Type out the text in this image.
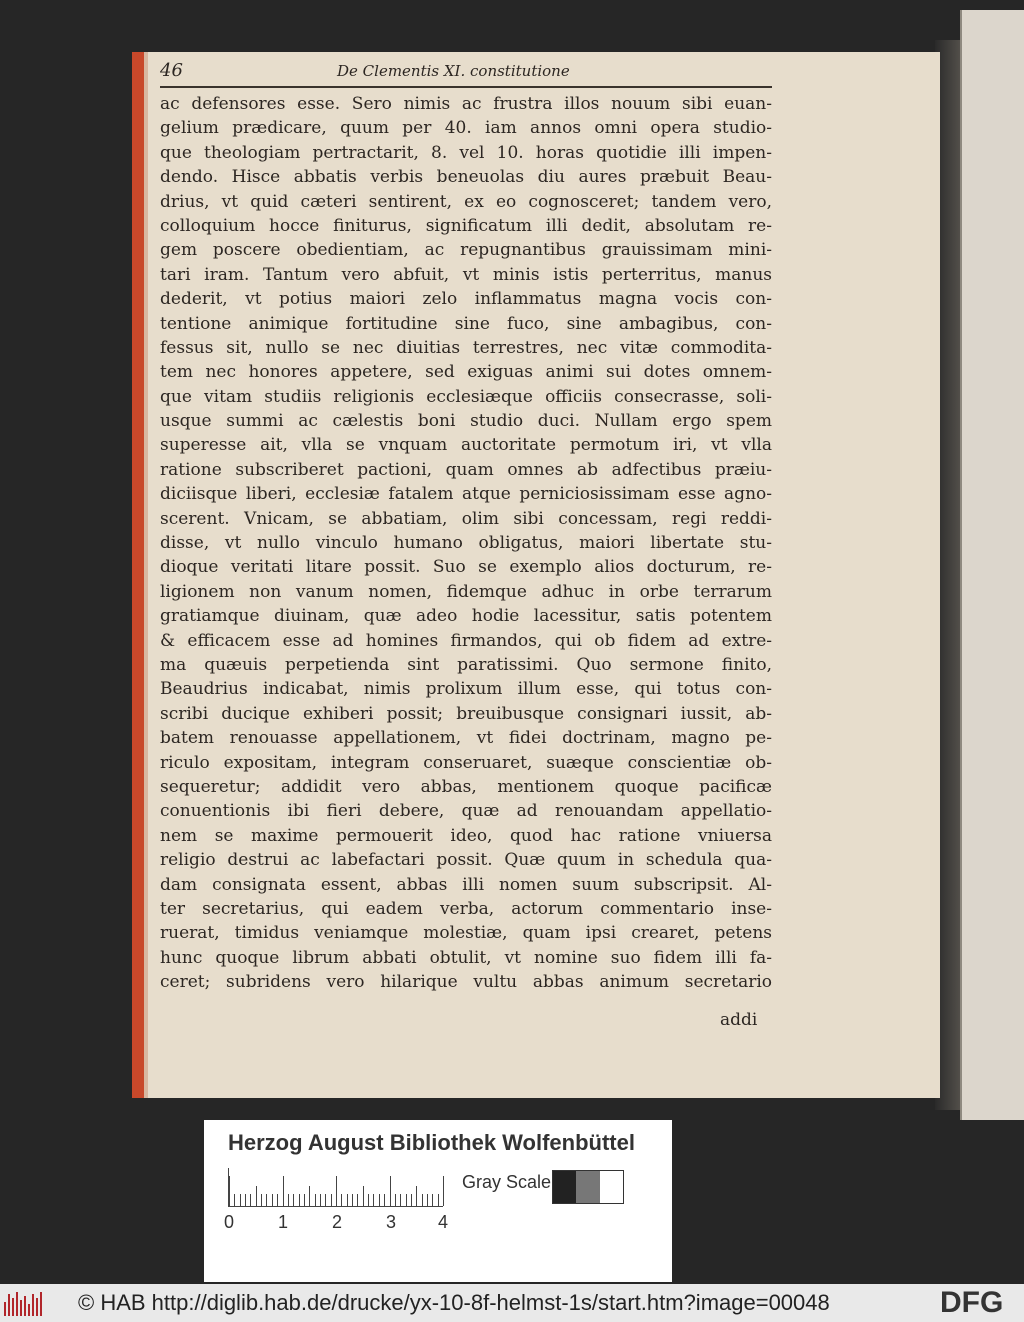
46	De Clementis XI. constitutione
ac defensores esse. Sero nimis ac frustra illos nouum sibi euan-
gelium prædicare, quum per 40. iam annos omni opera studio-
que theologiam pertractarit, 8. vel 10. horas quotidie illi impen-
dendo. Hisce abbatis verbis beneuolas diu aures præbuit Beau-
drius, vt quid cæteri sentirent, ex eo cognosceret; tandem vero,
colloquium hocce finiturus, significatum illi dedit, absolutam re-
gem poscere obedientiam, ac repugnantibus grauissimam mini-
tari iram. Tantum vero abfuit, vt minis istis perterritus, manus
dederit, vt potius maiori zelo inflammatus magna vocis con-
tentione animique fortitudine sine fuco, sine ambagibus, con-
fessus sit, nullo se nec diuitias terrestres, nec vitæ commodita-
tem nec honores appetere, sed exiguas animi sui dotes omnem-
que vitam studiis religionis ecclesiæque officiis consecrasse, soli-
usque summi ac cælestis boni studio duci. Nullam ergo spem
superesse ait, vlla se vnquam auctoritate permotum iri, vt vlla
ratione subscriberet pactioni, quam omnes ab adfectibus præiu-
diciisque liberi, ecclesiæ fatalem atque perniciosissimam esse agno-
scerent. Vnicam, se abbatiam, olim sibi concessam, regi reddi-
disse, vt nullo vinculo humano obligatus, maiori libertate stu-
dioque veritati litare possit. Suo se exemplo alios docturum, re-
ligionem non vanum nomen, fidemque adhuc in orbe terrarum
gratiamque diuinam, quæ adeo hodie lacessitur, satis potentem
& efficacem esse ad homines firmandos, qui ob fidem ad extre-
ma quæuis perpetienda sint paratissimi. Quo sermone finito,
Beaudrius indicabat, nimis prolixum illum esse, qui totus con-
scribi ducique exhiberi possit; breuibusque consignari iussit, ab-
batem renouasse appellationem, vt fidei doctrinam, magno pe-
riculo expositam, integram conseruaret, suæque conscientiæ ob-
sequeretur; addidit vero abbas, mentionem quoque pacificæ
conuentionis ibi fieri debere, quæ ad renouandam appellatio-
nem se maxime permouerit ideo, quod hac ratione vniuersa
religio destrui ac labefactari possit. Quæ quum in schedula qua-
dam consignata essent, abbas illi nomen suum subscripsit. Al-
ter secretarius, qui eadem verba, actorum commentario inse-
ruerat, timidus veniamque molestiæ, quam ipsi crearet, petens
hunc quoque librum abbati obtulit, vt nomine suo fidem illi fa-
ceret; subridens vero hilarique vultu abbas animum secretario
addi
Herzog August Bibliothek Wolfenbüttel
0 1 2 3 4
Gray Scale
© HAB http://diglib.hab.de/drucke/yx-10-8f-helmst-1s/start.htm?image=00048	DFG
